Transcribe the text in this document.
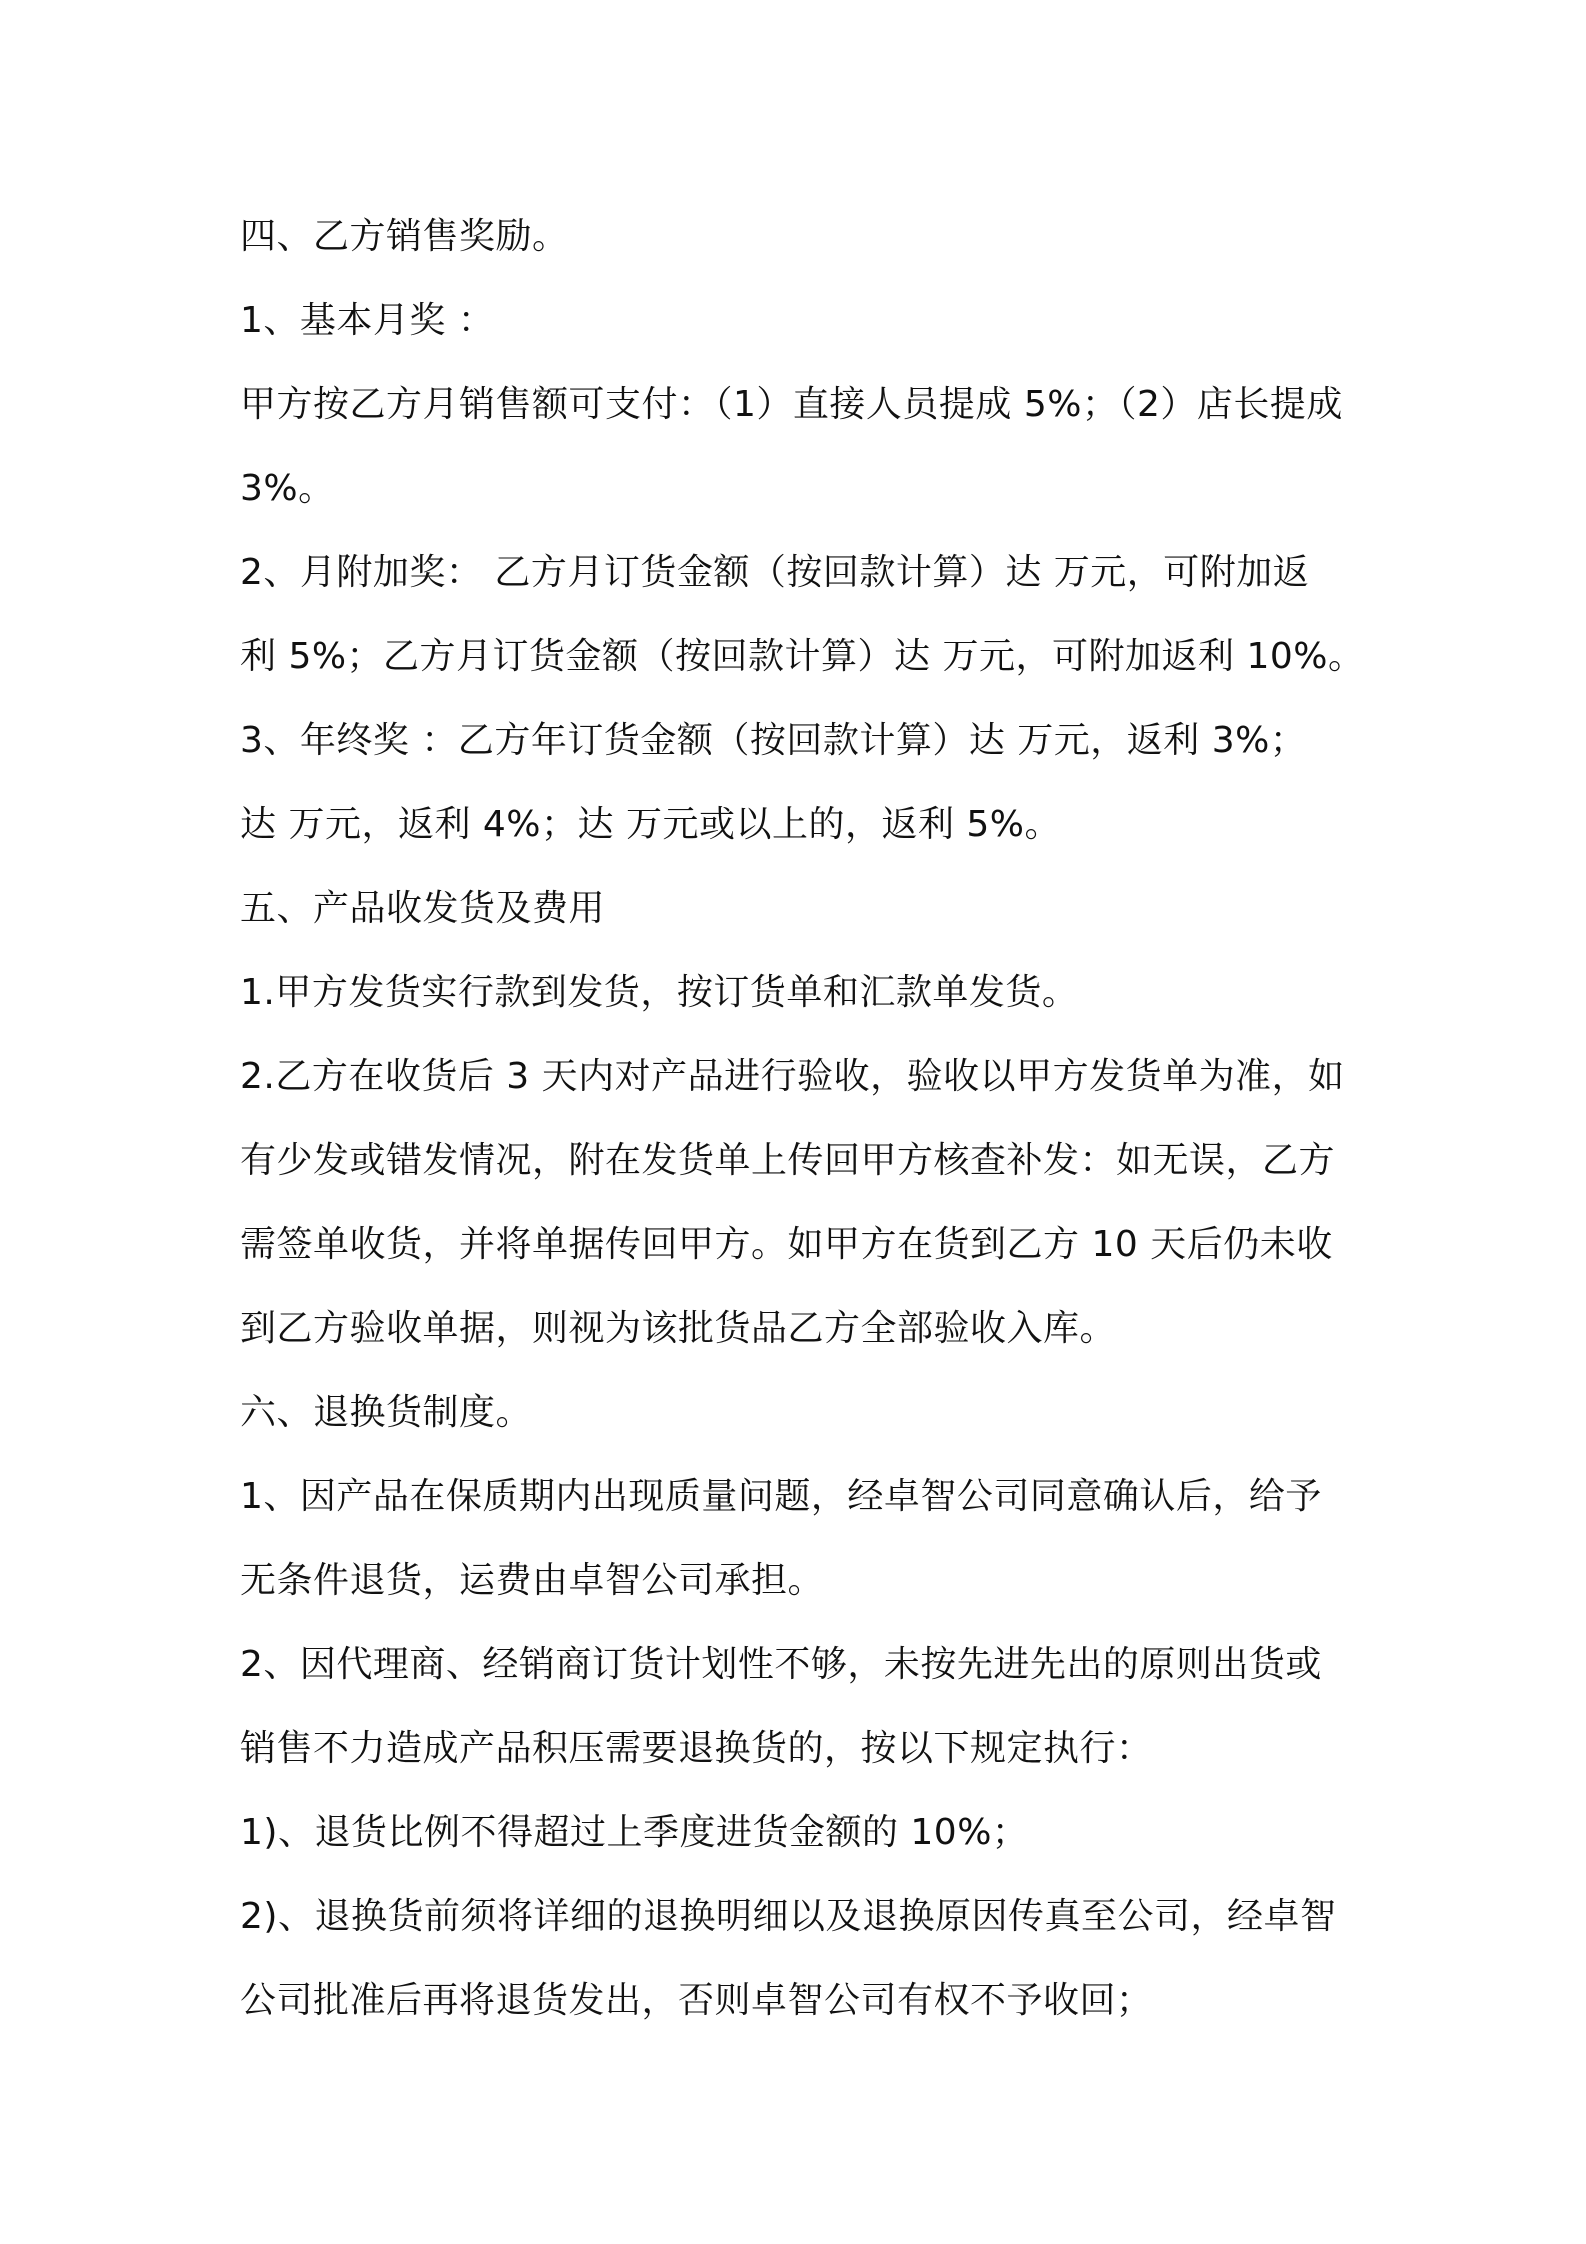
四、乙方销售奖励。
1、基本月奖 ：
甲方按乙方月销售额可支付：（1）直接人员提成 5%；（2）店长提成
3%。
2、月附加奖： 乙方月订货金额（按回款计算）达 万元，可附加返
利 5%；乙方月订货金额（按回款计算）达 万元，可附加返利 10%。
3、年终奖 ：乙方年订货金额（按回款计算）达 万元，返利 3%；
达 万元，返利 4%；达 万元或以上的，返利 5%。
五、产品收发货及费用
1.甲方发货实行款到发货，按订货单和汇款单发货。
2.乙方在收货后 3 天内对产品进行验收，验收以甲方发货单为准，如
有少发或错发情况，附在发货单上传回甲方核查补发：如无误，乙方
需签单收货，并将单据传回甲方。如甲方在货到乙方 10 天后仍未收
到乙方验收单据，则视为该批货品乙方全部验收入库。
六、退换货制度。
1、因产品在保质期内出现质量问题，经卓智公司同意确认后，给予
无条件退货，运费由卓智公司承担。
2、因代理商、经销商订货计划性不够，未按先进先出的原则出货或
销售不力造成产品积压需要退换货的，按以下规定执行：
1)、退货比例不得超过上季度进货金额的 10%；
2)、退换货前须将详细的退换明细以及退换原因传真至公司，经卓智
公司批准后再将退货发出，否则卓智公司有权不予收回；
